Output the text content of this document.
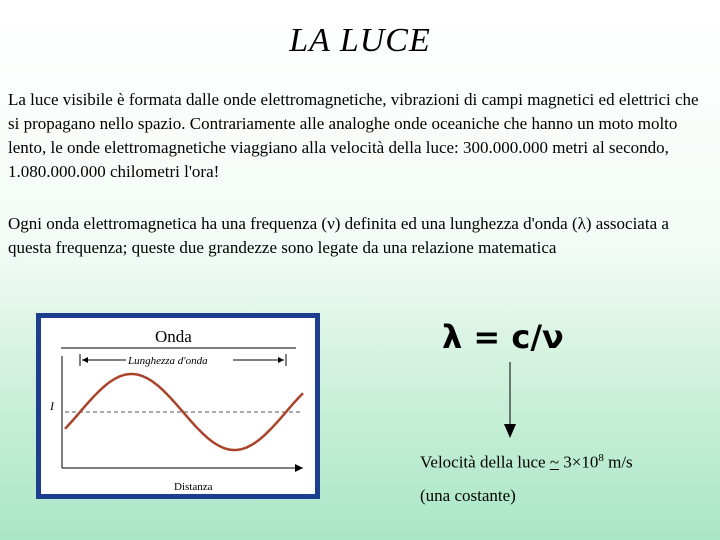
LA LUCE
La luce visibile è formata dalle onde elettromagnetiche, vibrazioni di campi magnetici ed elettrici che si propagano nello spazio. Contrariamente alle analoghe onde oceaniche che hanno un moto molto lento, le onde elettromagnetiche viaggiano alla velocità della luce: 300.000.000 metri al secondo, 1.080.000.000 chilometri l'ora!
Ogni onda elettromagnetica ha una frequenza (ν) definita ed una lunghezza d'onda (λ) associata a questa frequenza; queste due grandezze sono legate da una relazione matematica
Onda
Lunghezza d'onda
I
Distanza
λ = c/ν
Velocità della luce ~ $3\times 10^8$ m/s
(una costante)
